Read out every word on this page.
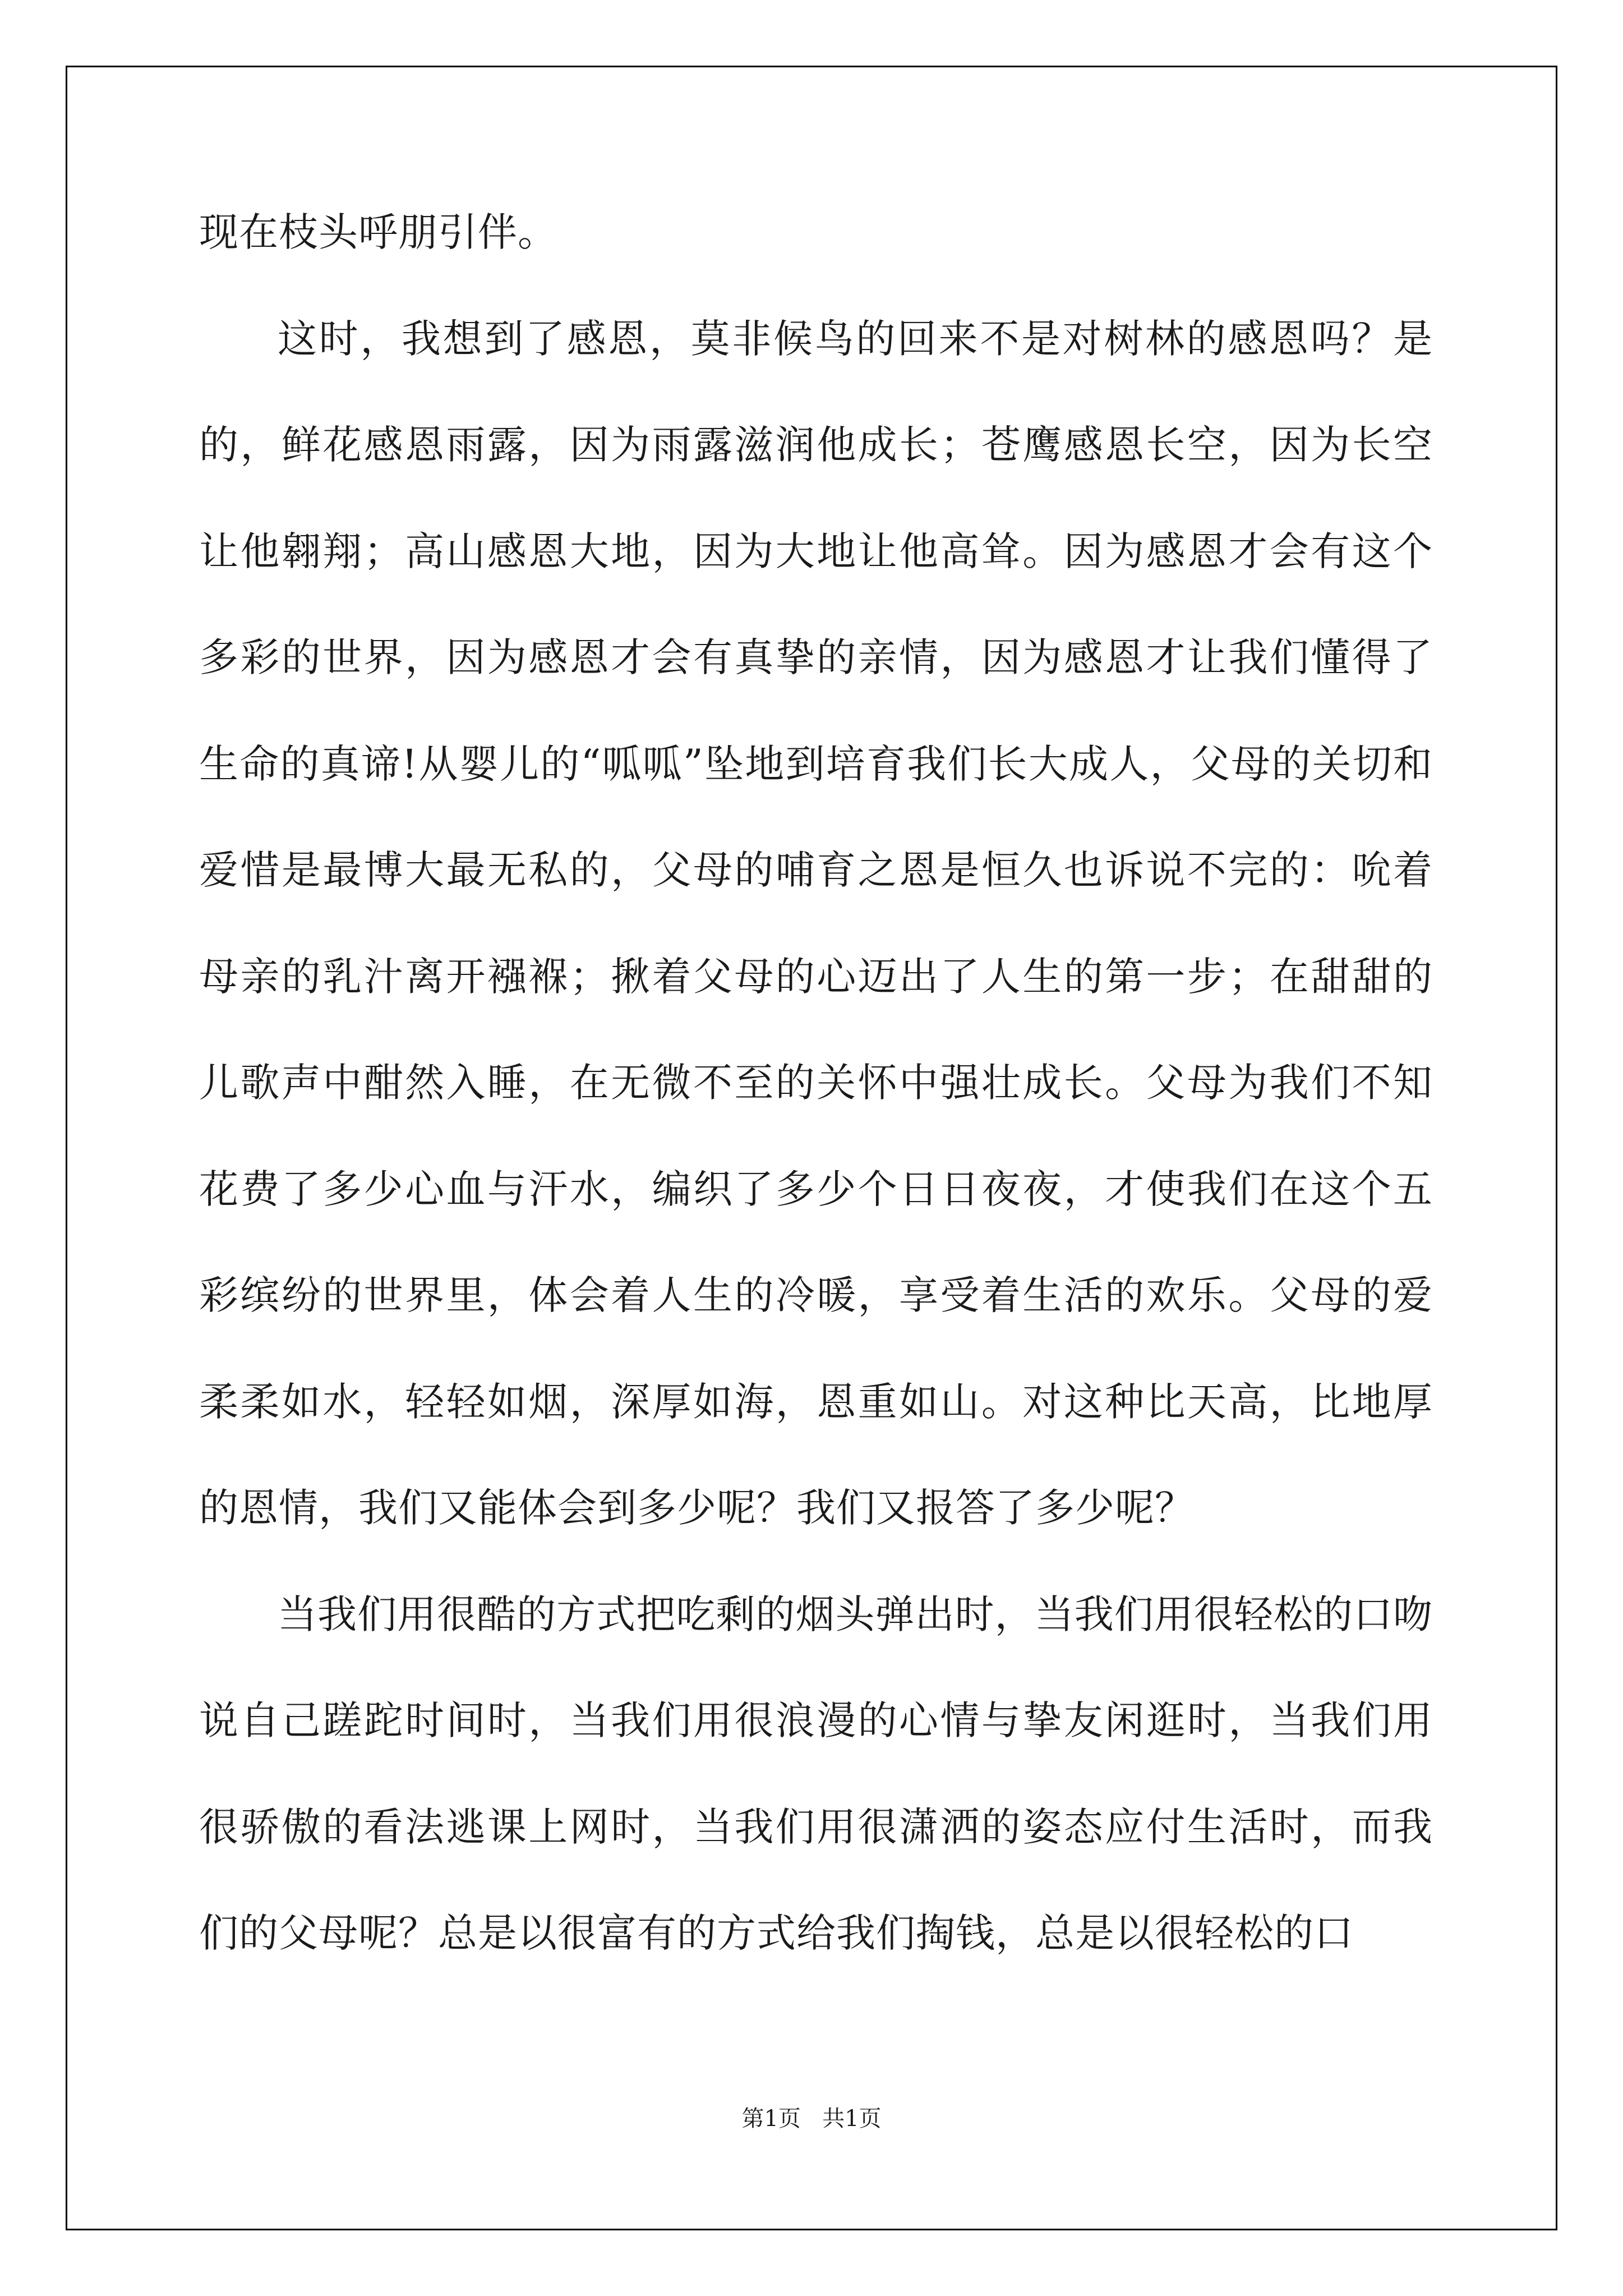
现在枝头呼朋引伴。

这时，我想到了感恩，莫非候鸟的回来不是对树林的感恩吗？是的，鲜花感恩雨露，因为雨露滋润他成长；苍鹰感恩长空，因为长空让他翱翔；高山感恩大地，因为大地让他高耸。因为感恩才会有这个多彩的世界，因为感恩才会有真挚的亲情，因为感恩才让我们懂得了生命的真谛!从婴儿的“呱呱”坠地到培育我们长大成人，父母的关切和爱惜是最博大最无私的，父母的哺育之恩是恒久也诉说不完的：吮着母亲的乳汁离开襁褓；揪着父母的心迈出了人生的第一步；在甜甜的儿歌声中酣然入睡，在无微不至的关怀中强壮成长。父母为我们不知花费了多少心血与汗水，编织了多少个日日夜夜，才使我们在这个五彩缤纷的世界里，体会着人生的冷暖，享受着生活的欢乐。父母的爱柔柔如水，轻轻如烟，深厚如海，恩重如山。对这种比天高，比地厚的恩情，我们又能体会到多少呢？我们又报答了多少呢？

当我们用很酷的方式把吃剩的烟头弹出时，当我们用很轻松的口吻说自己蹉跎时间时，当我们用很浪漫的心情与挚友闲逛时，当我们用很骄傲的看法逃课上网时，当我们用很潇洒的姿态应付生活时，而我们的父母呢？总是以很富有的方式给我们掏钱，总是以很轻松的口

第1页 共1页
